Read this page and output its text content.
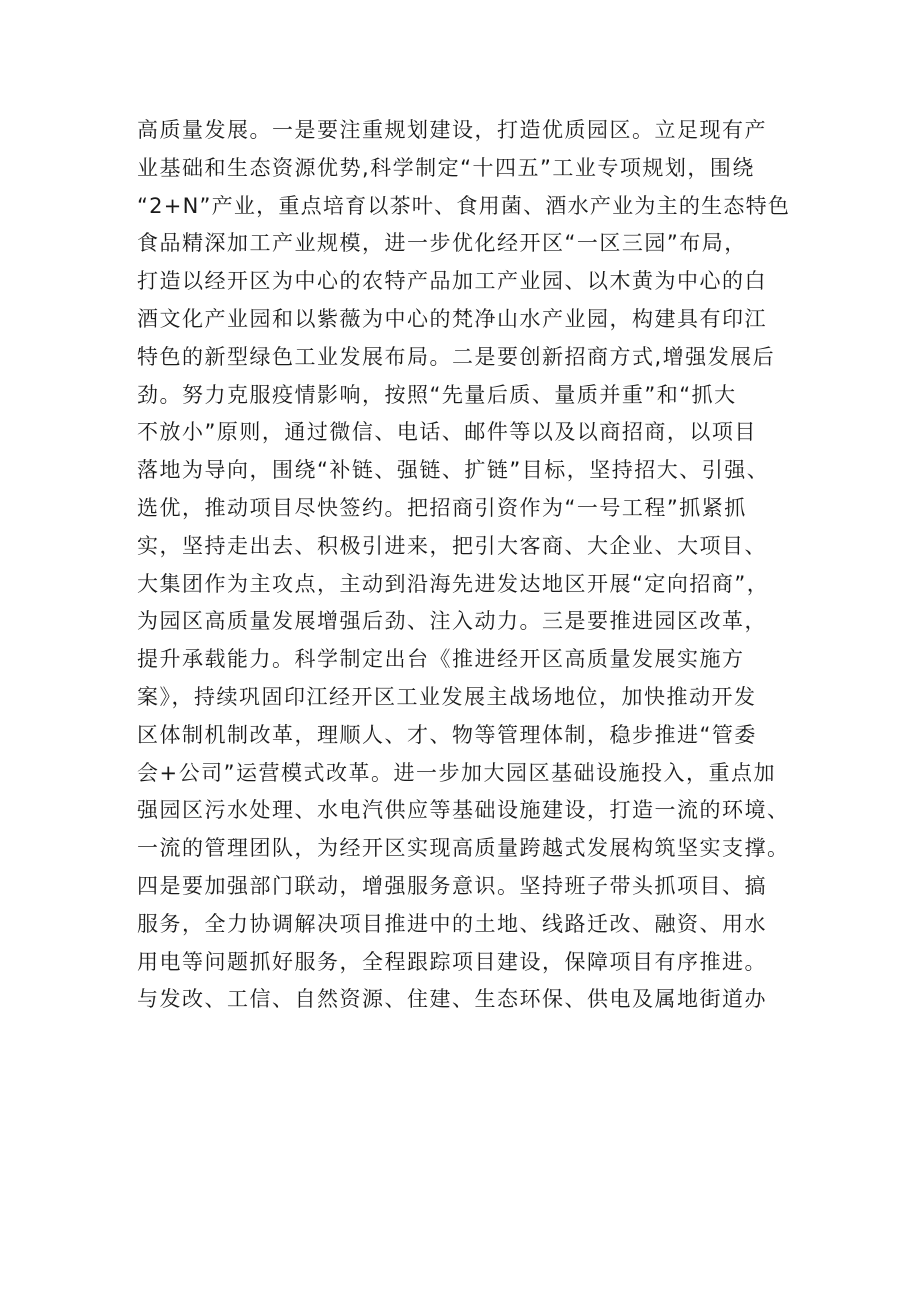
高质量发展。一是要注重规划建设，打造优质园区。立足现有产
业基础和生态资源优势,科学制定“十四五”工业专项规划，围绕
“2+N”产业，重点培育以茶叶、食用菌、酒水产业为主的生态特色
食品精深加工产业规模，进一步优化经开区“一区三园”布局，
打造以经开区为中心的农特产品加工产业园、以木黄为中心的白
酒文化产业园和以紫薇为中心的梵净山水产业园，构建具有印江
特色的新型绿色工业发展布局。二是要创新招商方式,增强发展后
劲。努力克服疫情影响，按照“先量后质、量质并重”和“抓大
不放小”原则，通过微信、电话、邮件等以及以商招商，以项目
落地为导向，围绕“补链、强链、扩链”目标，坚持招大、引强、
选优，推动项目尽快签约。把招商引资作为“一号工程”抓紧抓
实，坚持走出去、积极引进来，把引大客商、大企业、大项目、
大集团作为主攻点，主动到沿海先进发达地区开展“定向招商”，
为园区高质量发展增强后劲、注入动力。三是要推进园区改革，
提升承载能力。科学制定出台《推进经开区高质量发展实施方
案》，持续巩固印江经开区工业发展主战场地位，加快推动开发
区体制机制改革，理顺人、才、物等管理体制，稳步推进“管委
会+公司”运营模式改革。进一步加大园区基础设施投入，重点加
强园区污水处理、水电汽供应等基础设施建设，打造一流的环境、
一流的管理团队，为经开区实现高质量跨越式发展构筑坚实支撑。
四是要加强部门联动，增强服务意识。坚持班子带头抓项目、搞
服务，全力协调解决项目推进中的土地、线路迁改、融资、用水
用电等问题抓好服务，全程跟踪项目建设，保障项目有序推进。
与发改、工信、自然资源、住建、生态环保、供电及属地街道办
